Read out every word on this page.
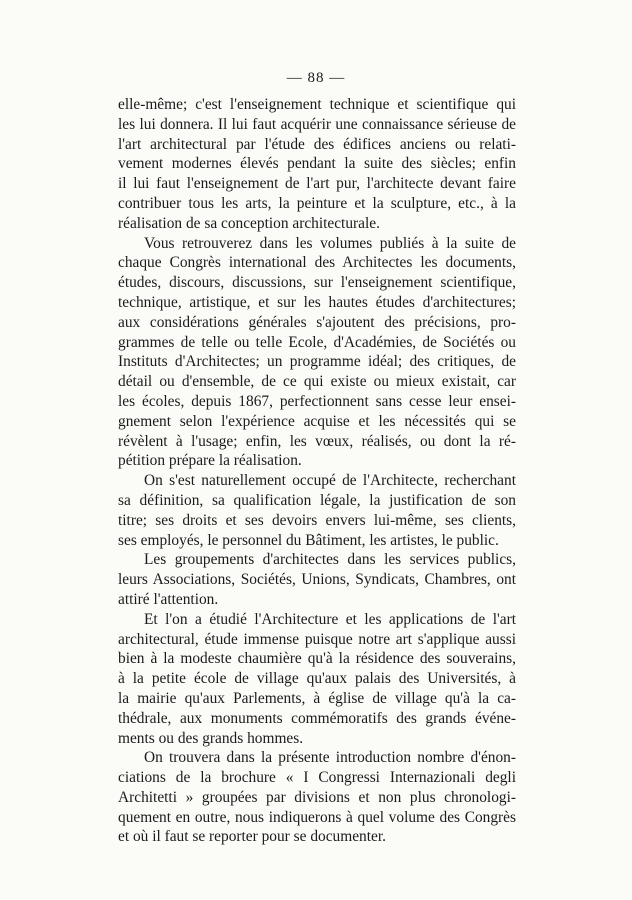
— 88 —
elle-même; c'est l'enseignement technique et scientifique qui
les lui donnera. Il lui faut acquérir une connaissance sérieuse de
l'art architectural par l'étude des édifices anciens ou relati-
vement modernes élevés pendant la suite des siècles; enfin
il lui faut l'enseignement de l'art pur, l'architecte devant faire
contribuer tous les arts, la peinture et la sculpture, etc., à la
réalisation de sa conception architecturale.
Vous retrouverez dans les volumes publiés à la suite de
chaque Congrès international des Architectes les documents,
études, discours, discussions, sur l'enseignement scientifique,
technique, artistique, et sur les hautes études d'architectures;
aux considérations générales s'ajoutent des précisions, pro-
grammes de telle ou telle Ecole, d'Académies, de Sociétés ou
Instituts d'Architectes; un programme idéal; des critiques, de
détail ou d'ensemble, de ce qui existe ou mieux existait, car
les écoles, depuis 1867, perfectionnent sans cesse leur ensei-
gnement selon l'expérience acquise et les nécessités qui se
révèlent à l'usage; enfin, les vœux, réalisés, ou dont la ré-
pétition prépare la réalisation.
On s'est naturellement occupé de l'Architecte, recherchant
sa définition, sa qualification légale, la justification de son
titre; ses droits et ses devoirs envers lui-même, ses clients,
ses employés, le personnel du Bâtiment, les artistes, le public.
Les groupements d'architectes dans les services publics,
leurs Associations, Sociétés, Unions, Syndicats, Chambres, ont
attiré l'attention.
Et l'on a étudié l'Architecture et les applications de l'art
architectural, étude immense puisque notre art s'applique aussi
bien à la modeste chaumière qu'à la résidence des souverains,
à la petite école de village qu'aux palais des Universités, à
la mairie qu'aux Parlements, à église de village qu'à la ca-
thédrale, aux monuments commémoratifs des grands événe-
ments ou des grands hommes.
On trouvera dans la présente introduction nombre d'énon-
ciations de la brochure « I Congressi Internazionali degli
Architetti » groupées par divisions et non plus chronologi-
quement en outre, nous indiquerons à quel volume des Congrès
et où il faut se reporter pour se documenter.
